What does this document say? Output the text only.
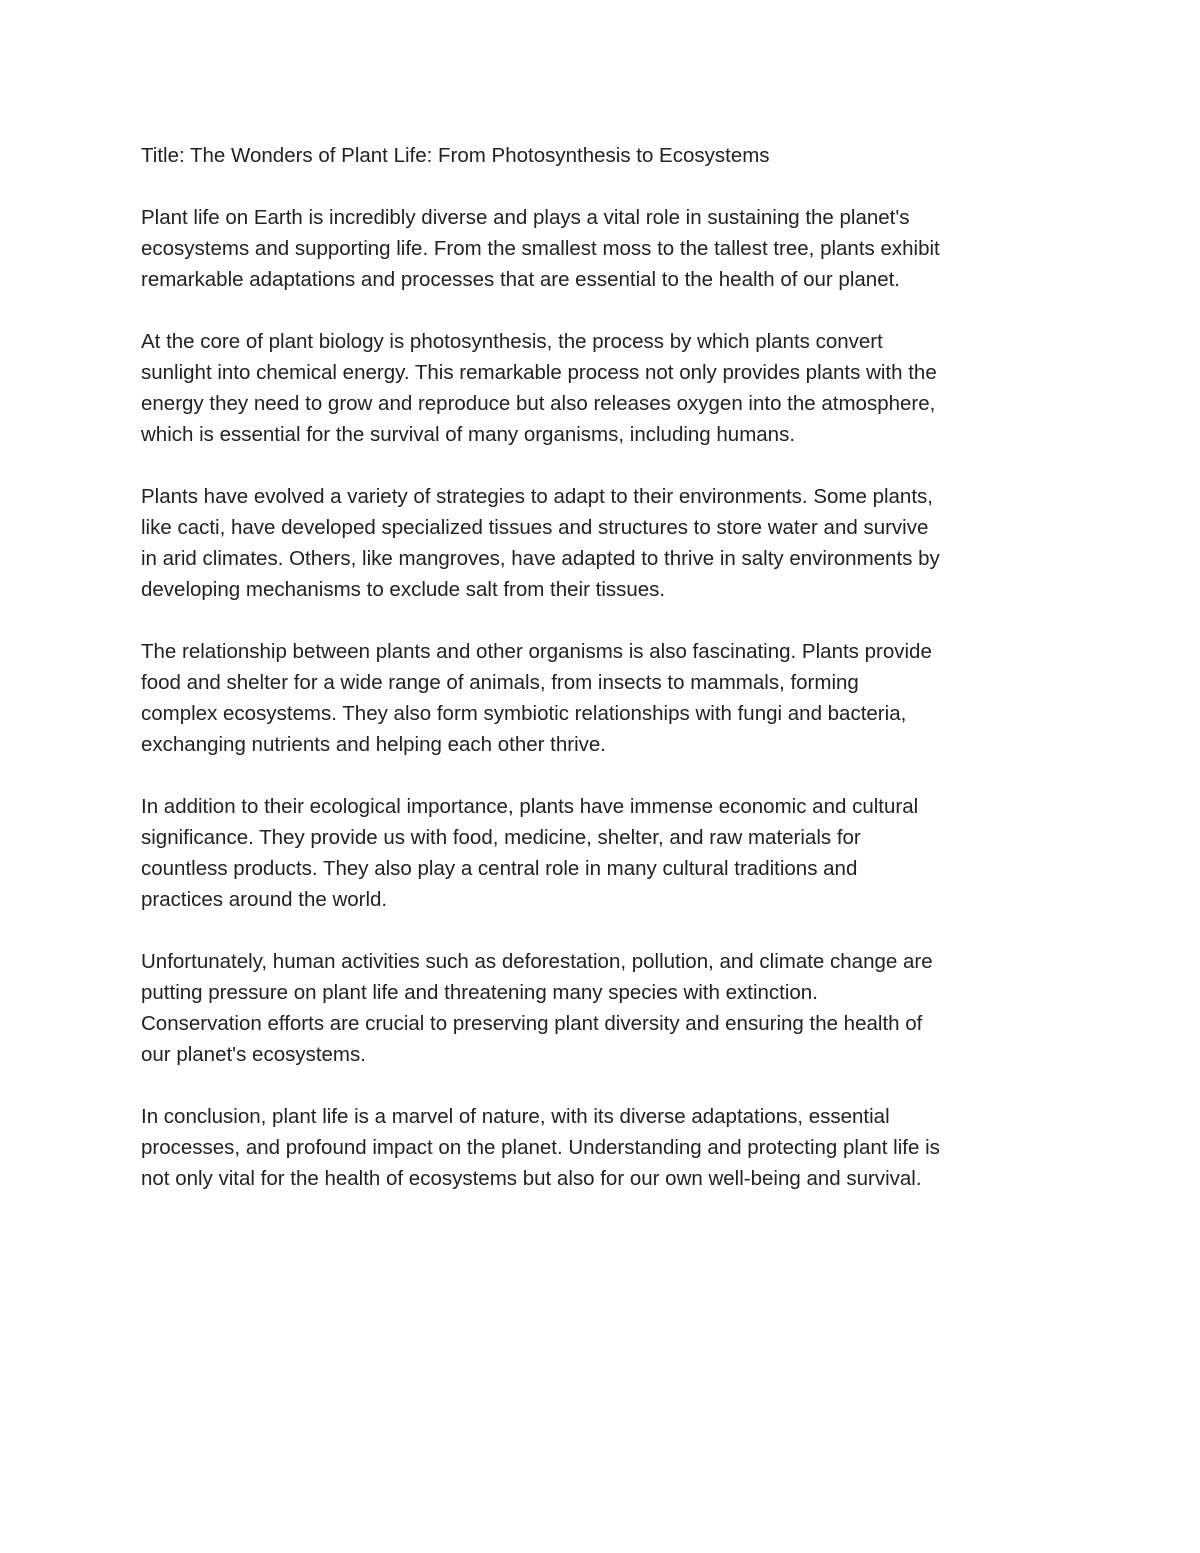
Title: The Wonders of Plant Life: From Photosynthesis to Ecosystems

Plant life on Earth is incredibly diverse and plays a vital role in sustaining the planet's
ecosystems and supporting life. From the smallest moss to the tallest tree, plants exhibit
remarkable adaptations and processes that are essential to the health of our planet.

At the core of plant biology is photosynthesis, the process by which plants convert
sunlight into chemical energy. This remarkable process not only provides plants with the
energy they need to grow and reproduce but also releases oxygen into the atmosphere,
which is essential for the survival of many organisms, including humans.

Plants have evolved a variety of strategies to adapt to their environments. Some plants,
like cacti, have developed specialized tissues and structures to store water and survive
in arid climates. Others, like mangroves, have adapted to thrive in salty environments by
developing mechanisms to exclude salt from their tissues.

The relationship between plants and other organisms is also fascinating. Plants provide
food and shelter for a wide range of animals, from insects to mammals, forming
complex ecosystems. They also form symbiotic relationships with fungi and bacteria,
exchanging nutrients and helping each other thrive.

In addition to their ecological importance, plants have immense economic and cultural
significance. They provide us with food, medicine, shelter, and raw materials for
countless products. They also play a central role in many cultural traditions and
practices around the world.

Unfortunately, human activities such as deforestation, pollution, and climate change are
putting pressure on plant life and threatening many species with extinction.
Conservation efforts are crucial to preserving plant diversity and ensuring the health of
our planet's ecosystems.

In conclusion, plant life is a marvel of nature, with its diverse adaptations, essential
processes, and profound impact on the planet. Understanding and protecting plant life is
not only vital for the health of ecosystems but also for our own well-being and survival.
